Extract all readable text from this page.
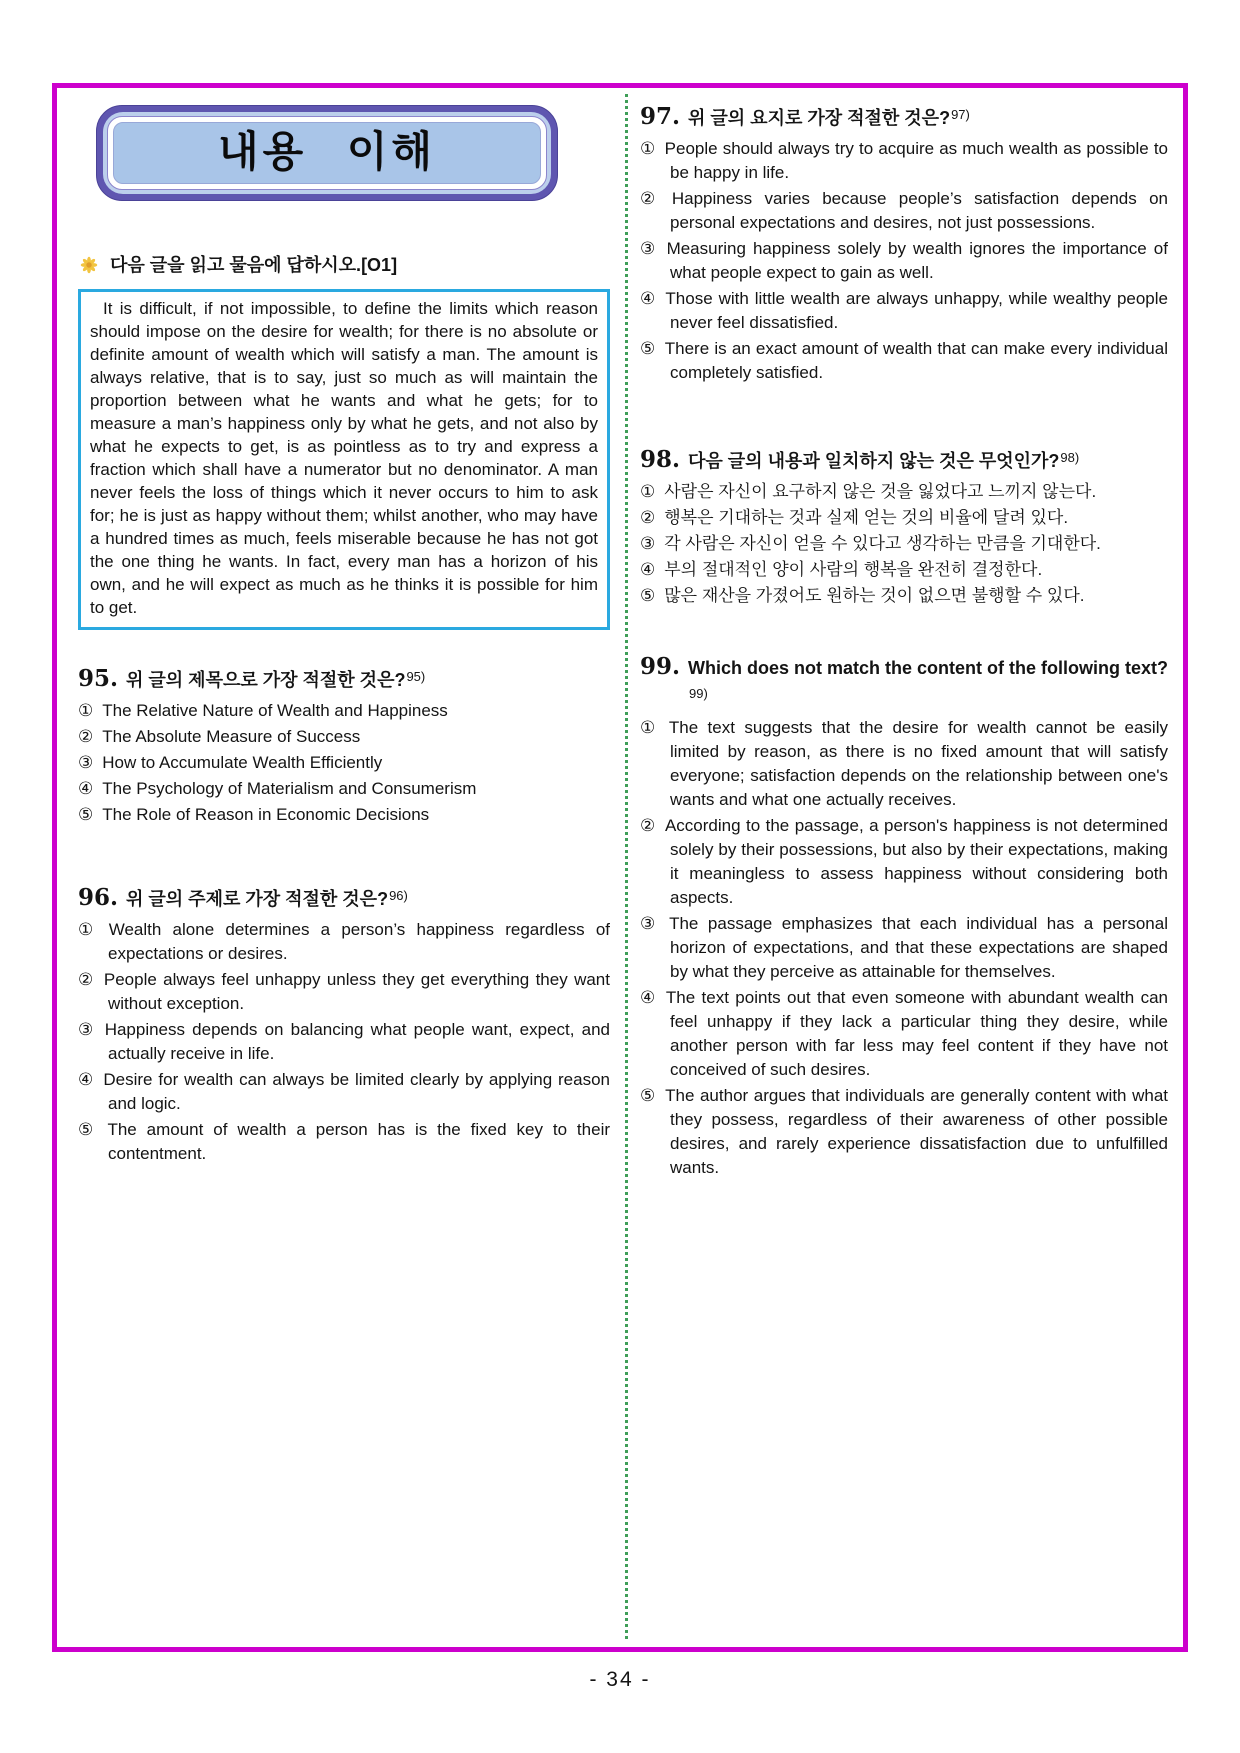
내용 이해
다음 글을 읽고 물음에 답하시오.[O1]

It is difficult, if not impossible, to define the limits which reason should impose on the desire for wealth; for there is no absolute or definite amount of wealth which will satisfy a man. The amount is always relative, that is to say, just so much as will maintain the proportion between what he wants and what he gets; for to measure a man’s happiness only by what he gets, and not also by what he expects to get, is as pointless as to try and express a fraction which shall have a numerator but no denominator. A man never feels the loss of things which it never occurs to him to ask for; he is just as happy without them; whilst another, who may have a hundred times as much, feels miserable because he has not got the one thing he wants. In fact, every man has a horizon of his own, and he will expect as much as he thinks it is possible for him to get.

95. 위 글의 제목으로 가장 적절한 것은?$^{95)}$
① The Relative Nature of Wealth and Happiness
② The Absolute Measure of Success
③ How to Accumulate Wealth Efficiently
④ The Psychology of Materialism and Consumerism
⑤ The Role of Reason in Economic Decisions
96. 위 글의 주제로 가장 적절한 것은?$^{96)}$
① Wealth alone determines a person’s happiness regardless of expectations or desires.
② People always feel unhappy unless they get everything they want without exception.
③ Happiness depends on balancing what people want, expect, and actually receive in life.
④ Desire for wealth can always be limited clearly by applying reason and logic.
⑤ The amount of wealth a person has is the fixed key to their contentment.
97. 위 글의 요지로 가장 적절한 것은?$^{97)}$
① People should always try to acquire as much wealth as possible to be happy in life.
② Happiness varies because people’s satisfaction depends on personal expectations and desires, not just possessions.
③ Measuring happiness solely by wealth ignores the importance of what people expect to gain as well.
④ Those with little wealth are always unhappy, while wealthy people never feel dissatisfied.
⑤ There is an exact amount of wealth that can make every individual completely satisfied.
98. 다음 글의 내용과 일치하지 않는 것은 무엇인가?$^{98)}$
① 사람은 자신이 요구하지 않은 것을 잃었다고 느끼지 않는다.
② 행복은 기대하는 것과 실제 얻는 것의 비율에 달려 있다.
③ 각 사람은 자신이 얻을 수 있다고 생각하는 만큼을 기대한다.
④ 부의 절대적인 양이 사람의 행복을 완전히 결정한다.
⑤ 많은 재산을 가졌어도 원하는 것이 없으면 불행할 수 있다.
99. Which does not match the content of the following text?$^{99)}$
① The text suggests that the desire for wealth cannot be easily limited by reason, as there is no fixed amount that will satisfy everyone; satisfaction depends on the relationship between one's wants and what one actually receives.
② According to the passage, a person's happiness is not determined solely by their possessions, but also by their expectations, making it meaningless to assess happiness without considering both aspects.
③ The passage emphasizes that each individual has a personal horizon of expectations, and that these expectations are shaped by what they perceive as attainable for themselves.
④ The text points out that even someone with abundant wealth can feel unhappy if they lack a particular thing they desire, while another person with far less may feel content if they have not conceived of such desires.
⑤ The author argues that individuals are generally content with what they possess, regardless of their awareness of other possible desires, and rarely experience dissatisfaction due to unfulfilled wants.
- 34 -
